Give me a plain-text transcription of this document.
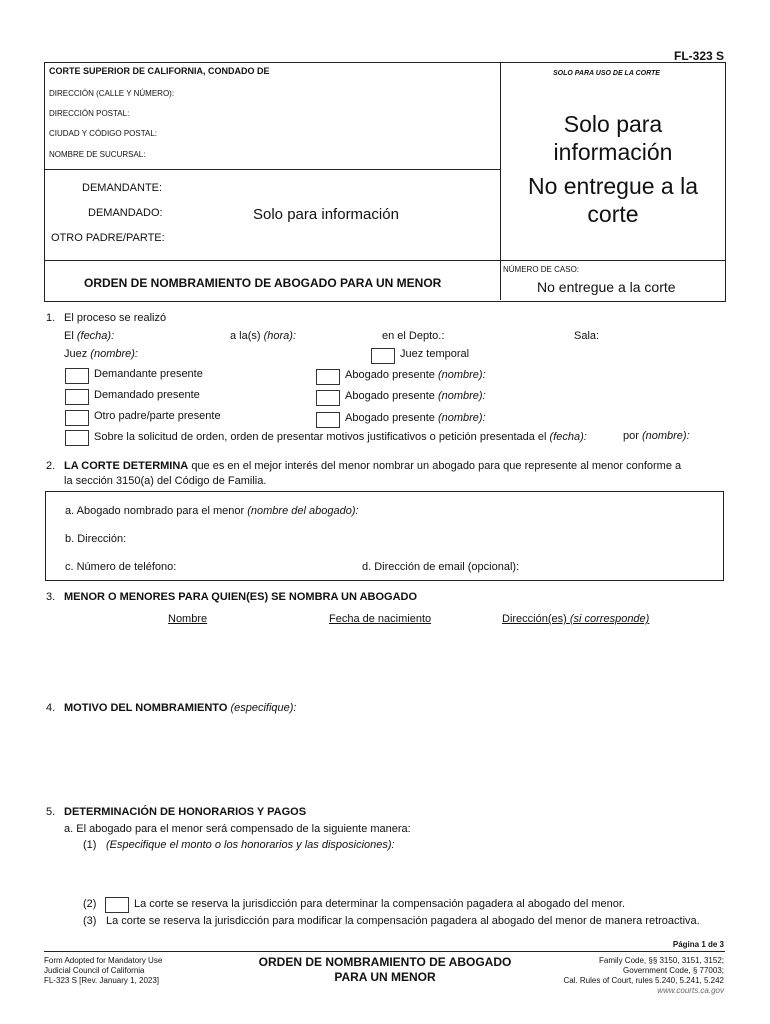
FL-323 S
CORTE SUPERIOR DE CALIFORNIA, CONDADO DE
DIRECCIÓN (CALLE Y NÚMERO):
DIRECCIÓN POSTAL:
CIUDAD Y CÓDIGO POSTAL:
NOMBRE DE SUCURSAL:
SOLO PARA USO DE LA CORTE
Solo para
información
No entregue a la
corte
DEMANDANTE:
DEMANDADO:	Solo para información
OTRO PADRE/PARTE:
ORDEN DE NOMBRAMIENTO DE ABOGADO PARA UN MENOR
NÚMERO DE CASO:
No entregue a la corte
1. El proceso se realizó
El (fecha):	a la(s) (hora):	en el Depto.:	Sala:
Juez (nombre):	Juez temporal
Demandante presente	Abogado presente (nombre):
Demandado presente	Abogado presente (nombre):
Otro padre/parte presente	Abogado presente (nombre):
Sobre la solicitud de orden, orden de presentar motivos justificativos o petición presentada el (fecha):	por (nombre):
2. LA CORTE DETERMINA que es en el mejor interés del menor nombrar un abogado para que represente al menor conforme a
la sección 3150(a) del Código de Familia.
a. Abogado nombrado para el menor (nombre del abogado):
b. Dirección:
c. Número de teléfono:	d. Dirección de email (opcional):
3. MENOR O MENORES PARA QUIEN(ES) SE NOMBRA UN ABOGADO
Nombre	Fecha de nacimiento	Dirección(es) (si corresponde)
4. MOTIVO DEL NOMBRAMIENTO (especifique):
5. DETERMINACIÓN DE HONORARIOS Y PAGOS
a. El abogado para el menor será compensado de la siguiente manera:
(1) (Especifique el monto o los honorarios y las disposiciones):
(2)	La corte se reserva la jurisdicción para determinar la compensación pagadera al abogado del menor.
(3) La corte se reserva la jurisdicción para modificar la compensación pagadera al abogado del menor de manera retroactiva.
Página 1 de 3
Form Adopted for Mandatory Use
Judicial Council of California
FL-323 S [Rev. January 1, 2023]
ORDEN DE NOMBRAMIENTO DE ABOGADO
PARA UN MENOR
Family Code, §§ 3150, 3151, 3152;
Government Code, § 77003;
Cal. Rules of Court, rules 5.240, 5.241, 5.242
www.courts.ca.gov
